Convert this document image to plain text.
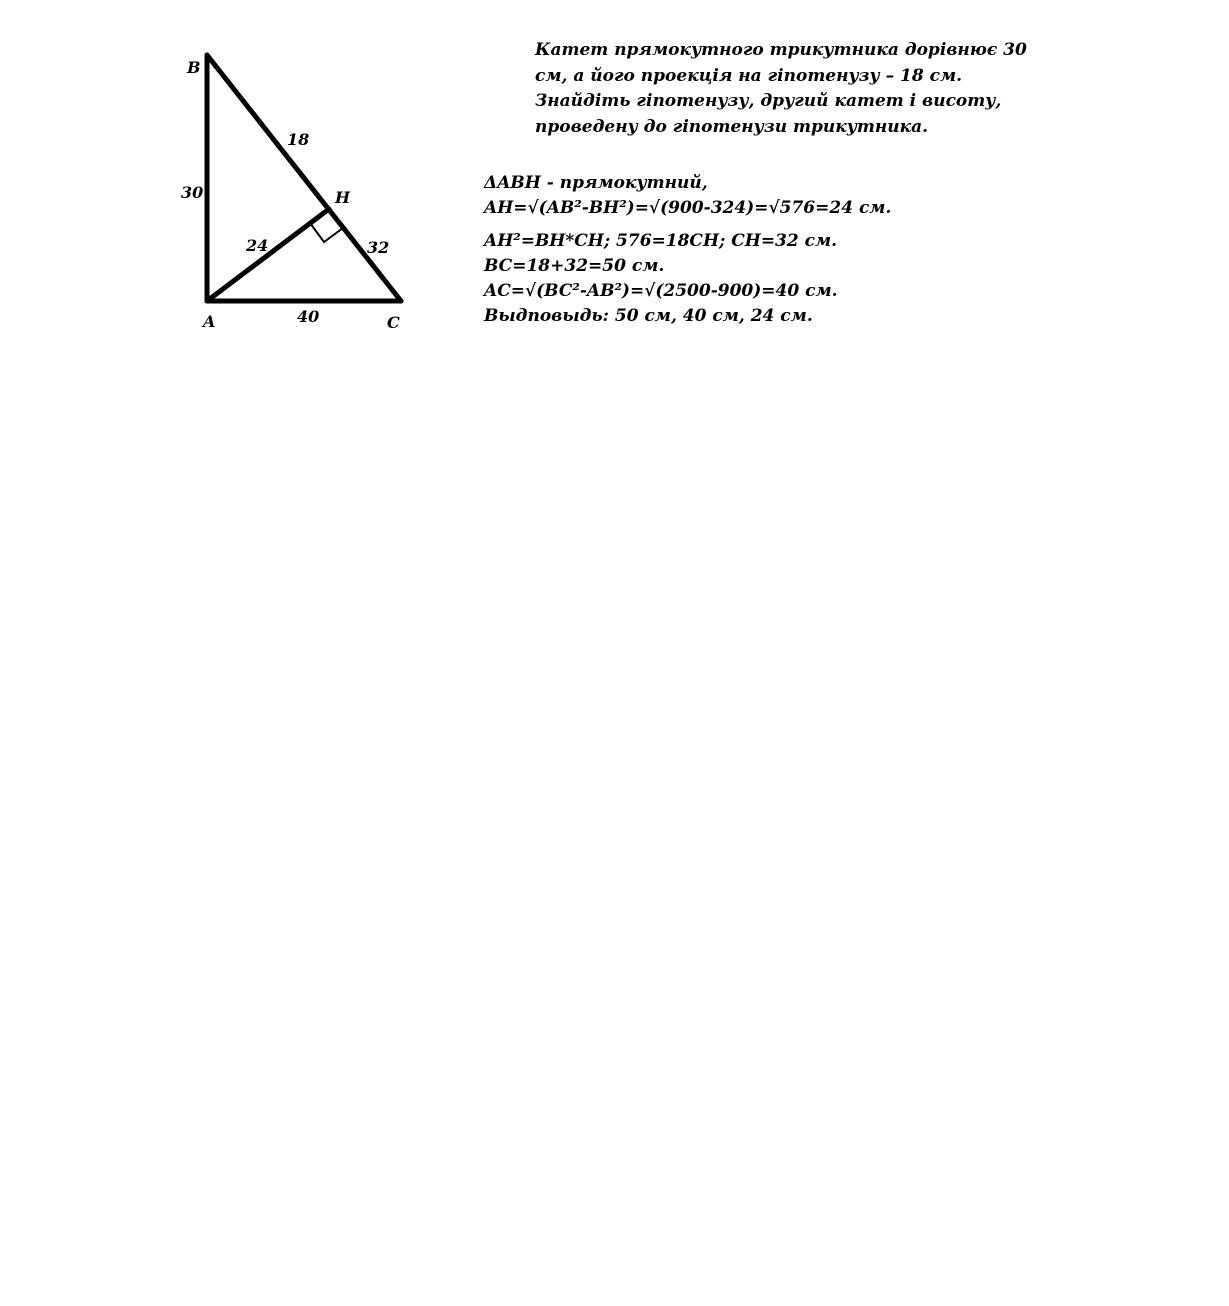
B
H
A	C
18
30
24	32
40
Катет прямокутного трикутника дорівнює 30
см, а його проекція на гіпотенузу – 18 см.
Знайдіть гіпотенузу, другий катет і висоту,
проведену до гіпотенузи трикутника.
ΔABH - прямокутний,
AH=√(AB²-BH²)=√(900-324)=√576=24 см.
AH²=BH*CH; 576=18CH; CH=32 см.
BC=18+32=50 см.
AC=√(BC²-AB²)=√(2500-900)=40 см.
Выдповыдь: 50 см, 40 см, 24 см.
